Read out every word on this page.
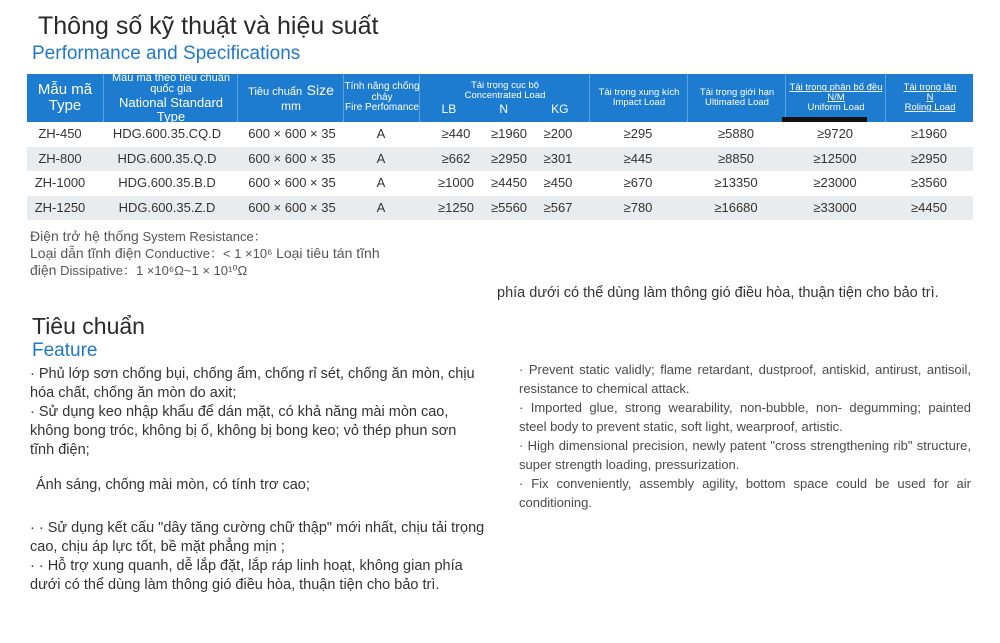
Thông số kỹ thuật và hiệu suất
Performance and Specifications
Mẫu mã
Type
Mẫu mã theo tiêu chuẩn quốc gia
National Standard Type
Tiêu chuẩn Size
mm
Tính năng chống cháy
Fire Perfomance
Tải trọng cục bộ
Concentrated Load
LB	N	KG
Tải trọng xung kích
Impact Load
Tải trọng giới hạn
Ultimated Load
Tải trọng phân bố đều
N/M
Uniform Load
Tải trọng lăn
N
Roling Load
ZH-450	HDG.600.35.CQ.D	600 × 600 × 35	A	≥440	≥1960	≥200	≥295	≥5880	≥9720	≥1960
ZH-800	HDG.600.35.Q.D	600 × 600 × 35	A	≥662	≥2950	≥301	≥445	≥8850	≥12500	≥2950
ZH-1000	HDG.600.35.B.D	600 × 600 × 35	A	≥1000	≥4450	≥450	≥670	≥13350	≥23000	≥3560
ZH-1250	HDG.600.35.Z.D	600 × 600 × 35	A	≥1250	≥5560	≥567	≥780	≥16680	≥33000	≥4450
Điện trở hệ thống System Resistance：
Loại dẫn tĩnh điện Conductive：< 1 ×10⁶ Loại tiêu tán tĩnh
điện Dissipative：1 ×10⁶Ω~1 × 10¹⁰Ω
phía dưới có thể dùng làm thông gió điều hòa, thuận tiện cho bảo trì.
Tiêu chuẩn
Feature
· Phủ lớp sơn chống bụi, chống ẩm, chống rỉ sét, chống ăn mòn, chịu hóa chất, chống ăn mòn do axit;
· Sử dụng keo nhập khẩu để dán mặt, có khả năng mài mòn cao, không bong tróc, không bị ố, không bị bong keo; vỏ thép phun sơn tĩnh điện;
Ánh sáng, chống mài mòn, có tính trơ cao;
· · Sử dụng kết cấu "dây tăng cường chữ thập" mới nhất, chịu tải trọng cao, chịu áp lực tốt, bề mặt phẳng mịn ;
· · Hỗ trợ xung quanh, dễ lắp đặt, lắp ráp linh hoạt, không gian phía dưới có thể dùng làm thông gió điều hòa, thuận tiện cho bảo trì.

· Prevent static validly; flame retardant, dustproof, antiskid, antirust, antisoil, resistance to chemical attack.

· Imported glue, strong wearability, non-bubble, non- degumming; painted steel body to prevent static, soft light, wearproof, artistic.

· High dimensional precision, newly patent "cross strengthening rib" structure, super strength loading, pressurization.

· Fix conveniently, assembly agility, bottom space could be used for air conditioning.
